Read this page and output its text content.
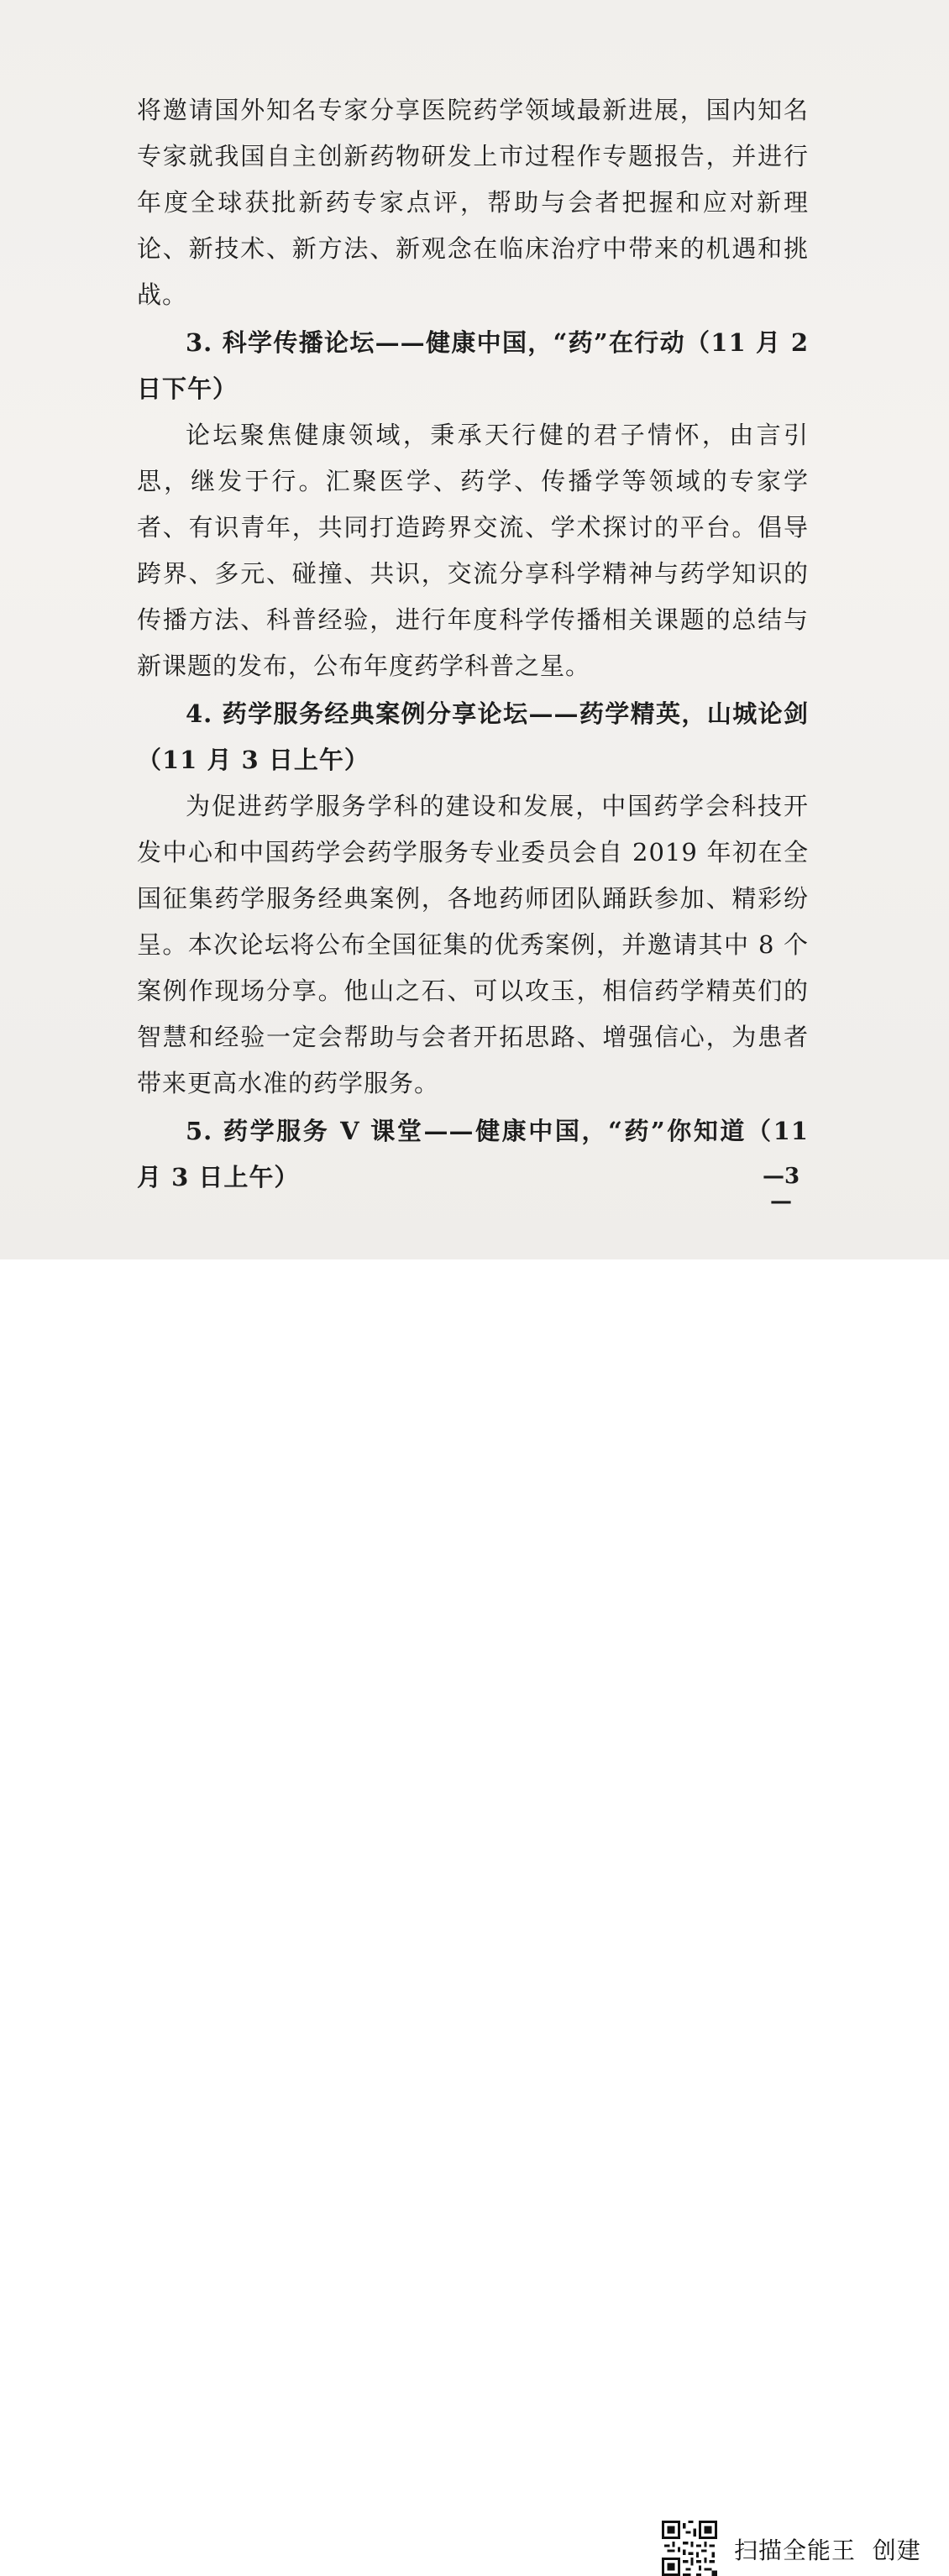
将邀请国外知名专家分享医院药学领域最新进展，国内知名专家就我国自主创新药物研发上市过程作专题报告，并进行年度全球获批新药专家点评，帮助与会者把握和应对新理论、新技术、新方法、新观念在临床治疗中带来的机遇和挑战。

3. 科学传播论坛——健康中国，“药”在行动（11 月 2 日下午）

论坛聚焦健康领域，秉承天行健的君子情怀，由言引思，继发于行。汇聚医学、药学、传播学等领域的专家学者、有识青年，共同打造跨界交流、学术探讨的平台。倡导跨界、多元、碰撞、共识，交流分享科学精神与药学知识的传播方法、科普经验，进行年度科学传播相关课题的总结与新课题的发布，公布年度药学科普之星。

4. 药学服务经典案例分享论坛——药学精英，山城论剑（11 月 3 日上午）

为促进药学服务学科的建设和发展，中国药学会科技开发中心和中国药学会药学服务专业委员会自 2019 年初在全国征集药学服务经典案例，各地药师团队踊跃参加、精彩纷呈。本次论坛将公布全国征集的优秀案例，并邀请其中 8 个案例作现场分享。他山之石、可以攻玉，相信药学精英们的智慧和经验一定会帮助与会者开拓思路、增强信心，为患者带来更高水准的药学服务。

5. 药学服务 V 课堂——健康中国，“药”你知道（11 月 3 日上午）	—3—
扫描全能王  创建
